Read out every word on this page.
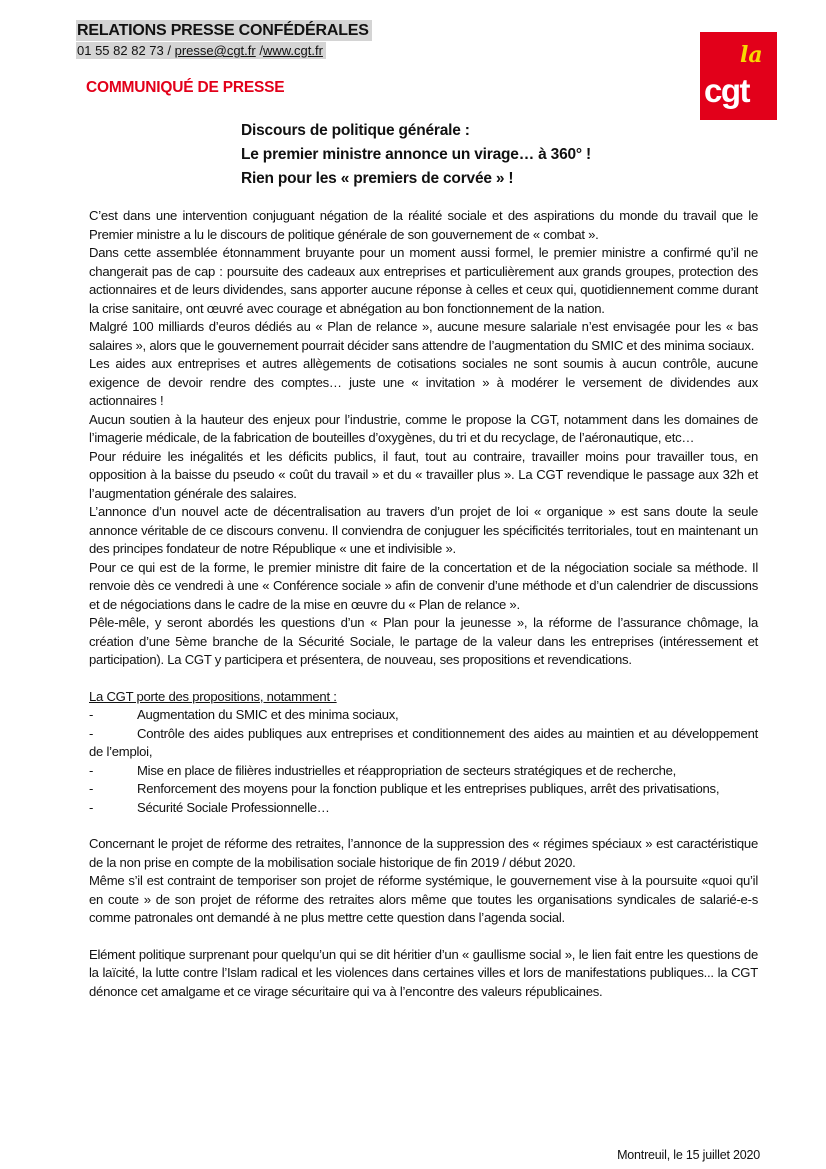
RELATIONS PRESSE CONFÉDÉRALES
01 55 82 82 73 / presse@cgt.fr /www.cgt.fr
COMMUNIQUÉ DE PRESSE
la
cgt
Discours de politique générale :
Le premier ministre annonce un virage… à 360° !
Rien pour les « premiers de corvée » !

C’est dans une intervention conjuguant négation de la réalité sociale et des aspirations du monde du travail que le Premier ministre a lu le discours de politique générale de son gouvernement de « combat ».

Dans cette assemblée étonnamment bruyante pour un moment aussi formel, le premier ministre a confirmé qu’il ne changerait pas de cap : poursuite des cadeaux aux entreprises et particulièrement aux grands groupes, protection des actionnaires et de leurs dividendes, sans apporter aucune réponse à celles et ceux qui, quotidiennement comme durant la crise sanitaire, ont œuvré avec courage et abnégation au bon fonctionnement de la nation.

Malgré 100 milliards d’euros dédiés au « Plan de relance », aucune mesure salariale n’est envisagée pour les « bas salaires », alors que le gouvernement pourrait décider sans attendre de l’augmentation du SMIC et des minima sociaux.

Les aides aux entreprises et autres allègements de cotisations sociales ne sont soumis à aucun contrôle, aucune exigence de devoir rendre des comptes… juste une « invitation » à modérer le versement de dividendes aux actionnaires !

Aucun soutien à la hauteur des enjeux pour l’industrie, comme le propose la CGT, notamment dans les domaines de l’imagerie médicale, de la fabrication de bouteilles d’oxygènes, du tri et du recyclage, de l’aéronautique, etc…

Pour réduire les inégalités et les déficits publics, il faut, tout au contraire, travailler moins pour travailler tous, en opposition à la baisse du pseudo « coût du travail » et du « travailler plus ». La CGT revendique le passage aux 32h et l’augmentation générale des salaires.

L’annonce d’un nouvel acte de décentralisation au travers d’un projet de loi « organique » est sans doute la seule annonce véritable de ce discours convenu. Il conviendra de conjuguer les spécificités territoriales, tout en maintenant un des principes fondateur de notre République « une et indivisible ».

Pour ce qui est de la forme, le premier ministre dit faire de la concertation et de la négociation sociale sa méthode. Il renvoie dès ce vendredi à une « Conférence sociale » afin de convenir d’une méthode et d’un calendrier de discussions et de négociations dans le cadre de la mise en œuvre du « Plan de relance ».

Pêle-mêle, y seront abordés les questions d’un « Plan pour la jeunesse », la réforme de l’assurance chômage, la création d’une 5ème branche de la Sécurité Sociale, le partage de la valeur dans les entreprises (intéressement et participation). La CGT y participera et présentera, de nouveau, ses propositions et revendications.

La CGT porte des propositions, notamment :

-	Augmentation du SMIC et des minima sociaux,

-	Contrôle des aides publiques aux entreprises et conditionnement des aides au maintien et au développement de l’emploi,

-	Mise en place de filières industrielles et réappropriation de secteurs stratégiques et de recherche,

-	Renforcement des moyens pour la fonction publique et les entreprises publiques, arrêt des privatisations,

-	Sécurité Sociale Professionnelle…

Concernant le projet de réforme des retraites, l’annonce de la suppression des « régimes spéciaux » est caractéristique de la non prise en compte de la mobilisation sociale historique de fin 2019 / début 2020.

Même s’il est contraint de temporiser son projet de réforme systémique, le gouvernement vise à la poursuite «quoi qu’il en coute » de son projet de réforme des retraites alors même que toutes les organisations syndicales de salarié-e-s comme patronales ont demandé à ne plus mettre cette question dans l’agenda social.

Elément politique surprenant pour quelqu’un qui se dit héritier d’un « gaullisme social », le lien fait entre les questions de la laïcité, la lutte contre l’Islam radical et les violences dans certaines villes et lors de manifestations publiques... la CGT dénonce cet amalgame et ce virage sécuritaire qui va à l’encontre des valeurs républicaines.

Montreuil, le 15 juillet 2020
